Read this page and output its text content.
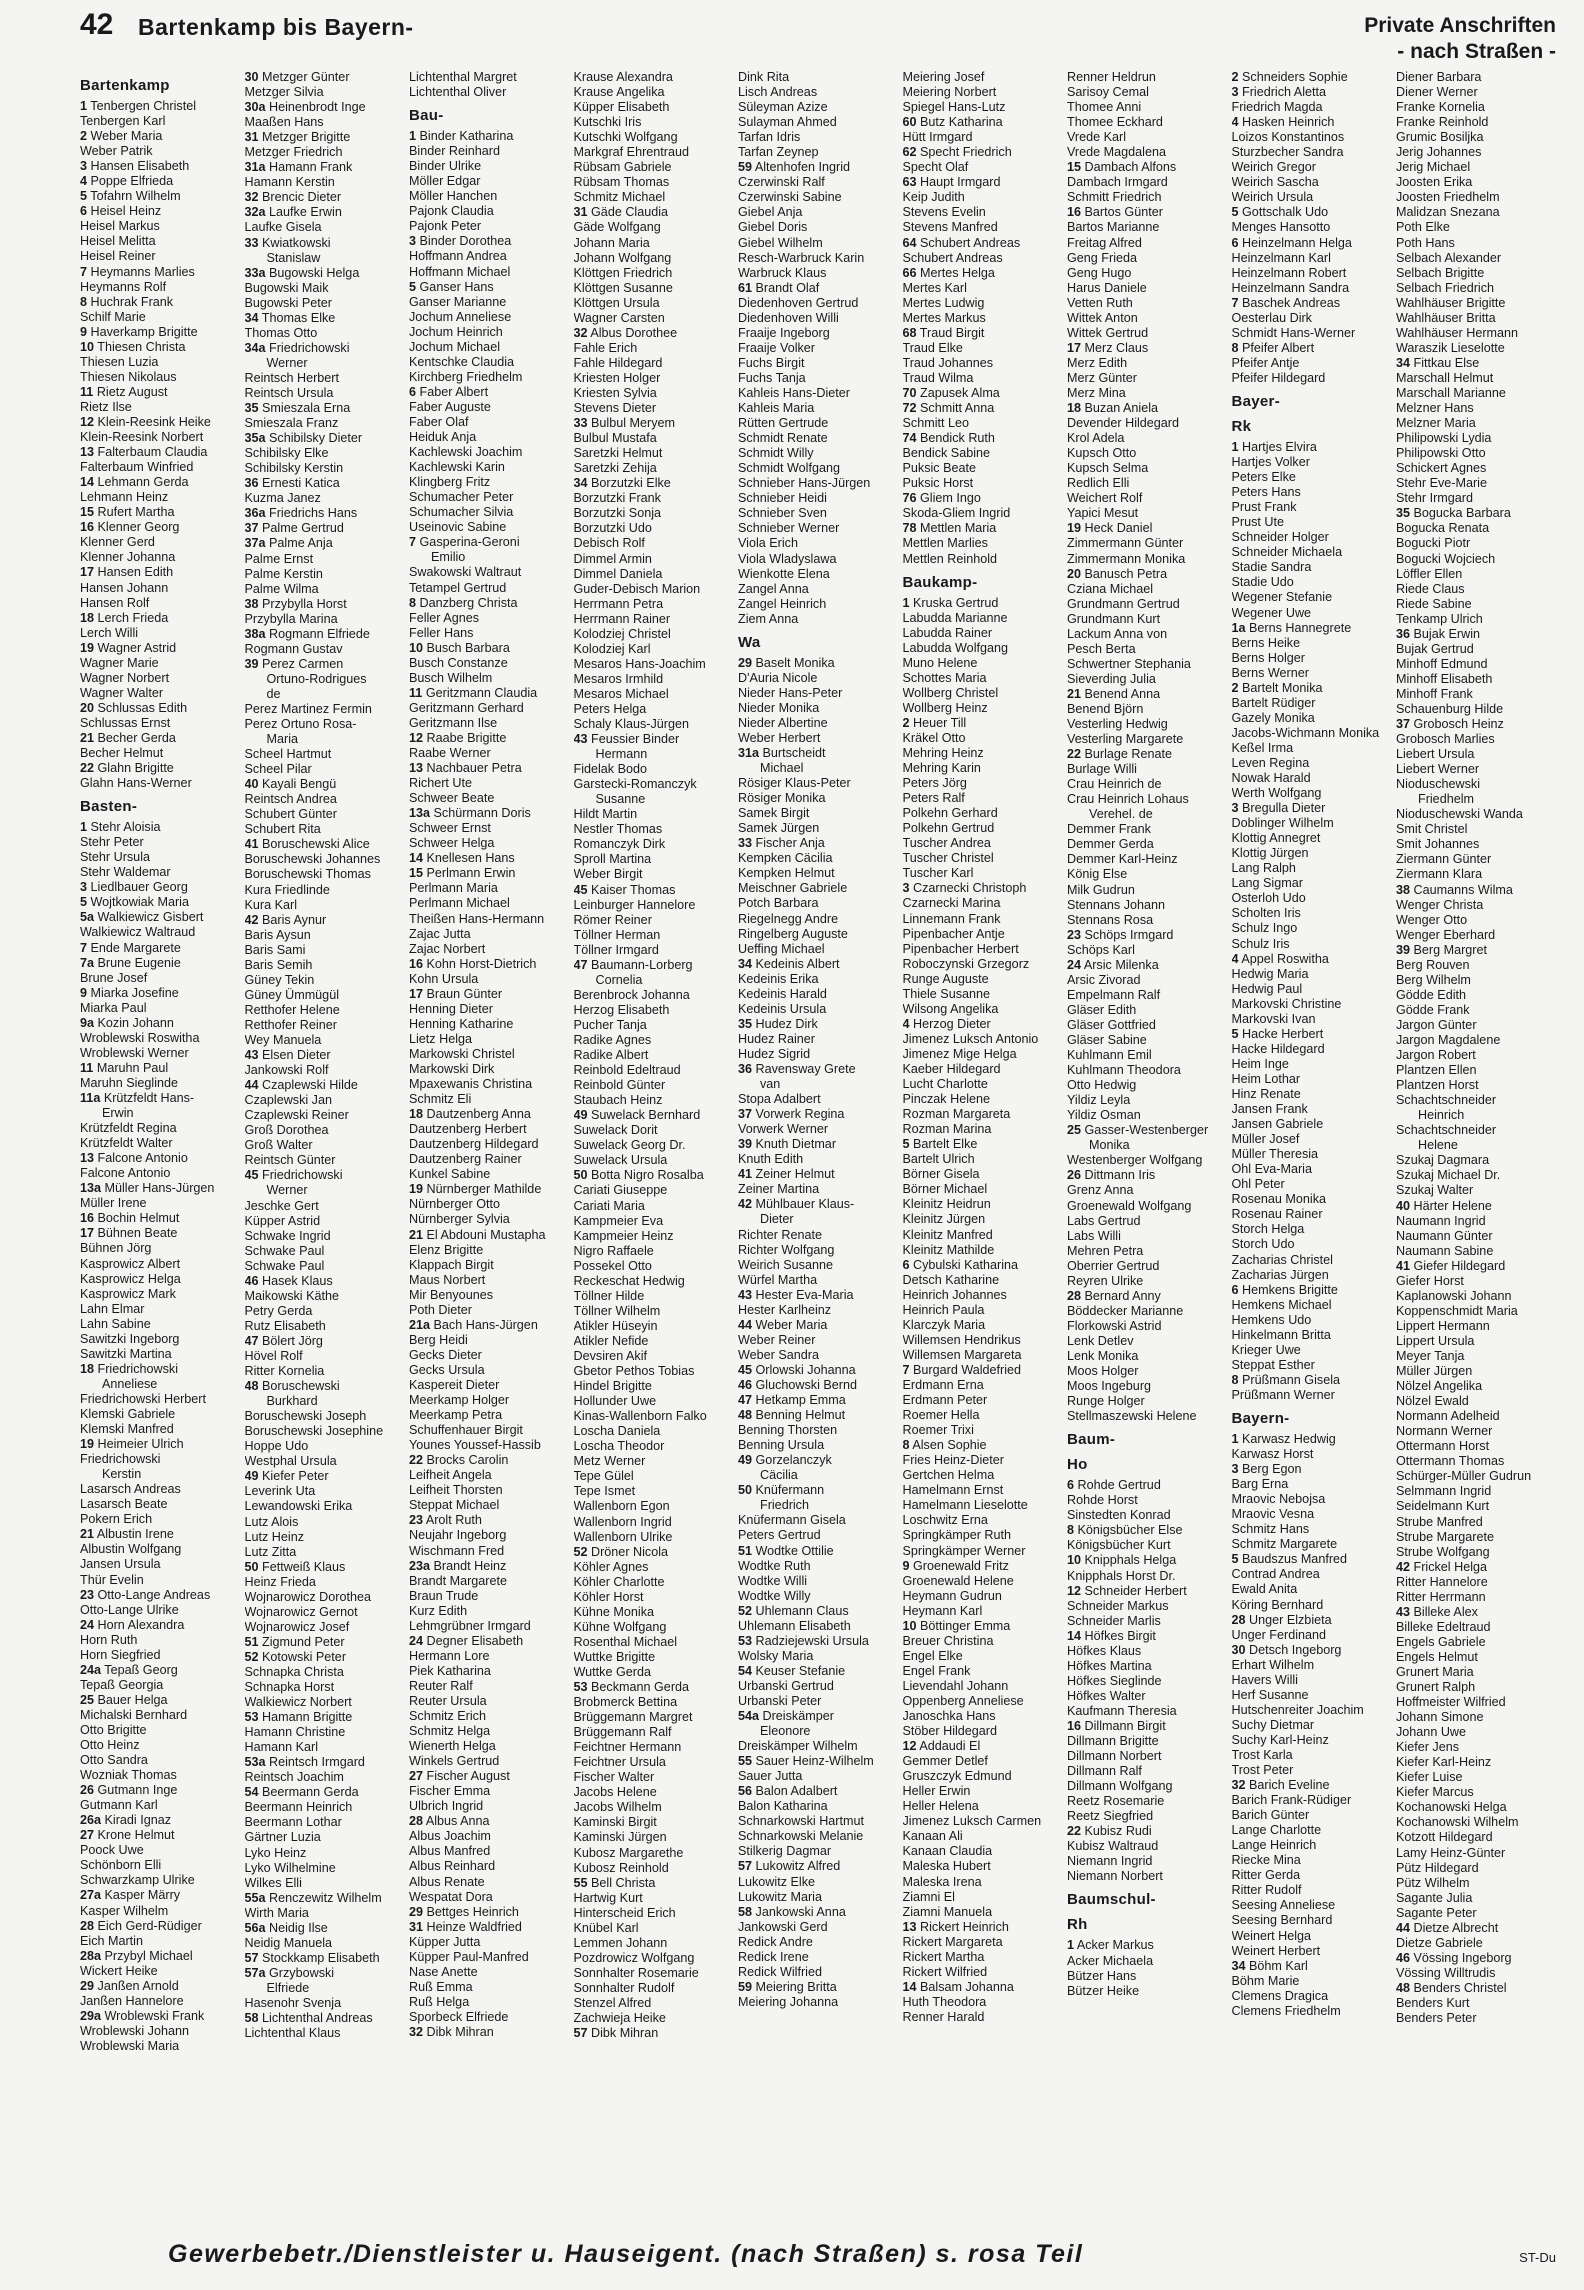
42 Bartenkamp bis Bayern-	Private Anschriften
- nach Straßen -

Bartenkamp
1 Tenbergen Christel
Tenbergen Karl
2 Weber Maria
Weber Patrik
3 Hansen Elisabeth
4 Poppe Elfrieda
5 Tofahrn Wilhelm
6 Heisel Heinz
Heisel Markus
Heisel Melitta
Heisel Reiner
7 Heymanns Marlies
Heymanns Rolf
8 Huchrak Frank
Schilf Marie
9 Haverkamp Brigitte
10 Thiesen Christa
Thiesen Luzia
Thiesen Nikolaus
11 Rietz August
Rietz Ilse
12 Klein-Reesink Heike
Klein-Reesink Norbert
13 Falterbaum Claudia
Falterbaum Winfried
14 Lehmann Gerda
Lehmann Heinz
15 Rufert Martha
16 Klenner Georg
Klenner Gerd
Klenner Johanna
17 Hansen Edith
Hansen Johann
Hansen Rolf
18 Lerch Frieda
Lerch Willi
19 Wagner Astrid
Wagner Marie
Wagner Norbert
Wagner Walter
20 Schlussas Edith
Schlussas Ernst
21 Becher Gerda
Becher Helmut
22 Glahn Brigitte
Glahn Hans-Werner
Basten-
1 Stehr Aloisia
Stehr Peter
Stehr Ursula
Stehr Waldemar
3 Liedlbauer Georg
5 Wojtkowiak Maria
5a Walkiewicz Gisbert
Walkiewicz Waltraud
7 Ende Margarete
7a Brune Eugenie
Brune Josef
9 Miarka Josefine
Miarka Paul
9a Kozin Johann
Wroblewski Roswitha
Wroblewski Werner
11 Maruhn Paul
Maruhn Sieglinde
11a Krützfeldt Hans-
Erwin
Krützfeldt Regina
Krützfeldt Walter
13 Falcone Antonio
Falcone Antonio
13a Müller Hans-Jürgen
Müller Irene
16 Bochin Helmut
17 Bühnen Beate
Bühnen Jörg
Kasprowicz Albert
Kasprowicz Helga
Kasprowicz Mark
Lahn Elmar
Lahn Sabine
Sawitzki Ingeborg
Sawitzki Martina
18 Friedrichowski
Anneliese
Friedrichowski Herbert
Klemski Gabriele
Klemski Manfred
19 Heimeier Ulrich
Friedrichowski
Kerstin
Lasarsch Andreas
Lasarsch Beate
Pokern Erich
21 Albustin Irene
Albustin Wolfgang
Jansen Ursula
Thür Evelin
23 Otto-Lange Andreas
Otto-Lange Ulrike
24 Horn Alexandra
Horn Ruth
Horn Siegfried
24a Tepaß Georg
Tepaß Georgia
25 Bauer Helga
Michalski Bernhard
Otto Brigitte
Otto Heinz
Otto Sandra
Wozniak Thomas
26 Gutmann Inge
Gutmann Karl
26a Kiradi Ignaz
27 Krone Helmut
Poock Uwe
Schönborn Elli
Schwarzkamp Ulrike
27a Kasper Märry
Kasper Wilhelm
28 Eich Gerd-Rüdiger
Eich Martin
28a Przybyl Michael
Wickert Heike
29 Janßen Arnold
Janßen Hannelore
29a Wroblewski Frank
Wroblewski Johann
Wroblewski Maria
30 Metzger Günter
Metzger Silvia
30a Heinenbrodt Inge
Maaßen Hans
31 Metzger Brigitte
Metzger Friedrich
31a Hamann Frank
Hamann Kerstin
32 Brencic Dieter
32a Laufke Erwin
Laufke Gisela
33 Kwiatkowski
Stanislaw
33a Bugowski Helga
Bugowski Maik
Bugowski Peter
34 Thomas Elke
Thomas Otto
34a Friedrichowski
Werner
Reintsch Herbert
Reintsch Ursula
35 Smieszala Erna
Smieszala Franz
35a Schibilsky Dieter
Schibilsky Elke
Schibilsky Kerstin
36 Ernesti Katica
Kuzma Janez
36a Friedrichs Hans
37 Palme Gertrud
37a Palme Anja
Palme Ernst
Palme Kerstin
Palme Wilma
38 Przybylla Horst
Przybylla Marina
38a Rogmann Elfriede
Rogmann Gustav
39 Perez Carmen
Ortuno-Rodrigues
de
Perez Martinez Fermin
Perez Ortuno Rosa-
Maria
Scheel Hartmut
Scheel Pilar
40 Kayali Bengü
Reintsch Andrea
Schubert Günter
Schubert Rita
41 Boruschewski Alice
Boruschewski Johannes
Boruschewski Thomas
Kura Friedlinde
Kura Karl
42 Baris Aynur
Baris Aysun
Baris Sami
Baris Semih
Güney Tekin
Güney Ümmügül
Retthofer Helene
Retthofer Reiner
Wey Manuela
43 Elsen Dieter
Jankowski Rolf
44 Czaplewski Hilde
Czaplewski Jan
Czaplewski Reiner
Groß Dorothea
Groß Walter
Reintsch Günter
45 Friedrichowski
Werner
Jeschke Gert
Küpper Astrid
Schwake Ingrid
Schwake Paul
Schwake Paul
46 Hasek Klaus
Maikowski Käthe
Petry Gerda
Rutz Elisabeth
47 Bölert Jörg
Hövel Rolf
Ritter Kornelia
48 Boruschewski
Burkhard
Boruschewski Joseph
Boruschewski Josephine
Hoppe Udo
Westphal Ursula
49 Kiefer Peter
Leverink Uta
Lewandowski Erika
Lutz Alois
Lutz Heinz
Lutz Zitta
50 Fettweiß Klaus
Heinz Frieda
Wojnarowicz Dorothea
Wojnarowicz Gernot
Wojnarowicz Josef
51 Zigmund Peter
52 Kotowski Peter
Schnapka Christa
Schnapka Horst
Walkiewicz Norbert
53 Hamann Brigitte
Hamann Christine
Hamann Karl
53a Reintsch Irmgard
Reintsch Joachim
54 Beermann Gerda
Beermann Heinrich
Beermann Lothar
Gärtner Luzia
Lyko Heinz
Lyko Wilhelmine
Wilkes Elli
55a Renczewitz Wilhelm
Wirth Maria
56a Neidig Ilse
Neidig Manuela
57 Stockkamp Elisabeth
57a Grzybowski
Elfriede
Hasenohr Svenja
58 Lichtenthal Andreas
Lichtenthal Klaus
Lichtenthal Margret
Lichtenthal Oliver
Bau-
1 Binder Katharina
Binder Reinhard
Binder Ulrike
Möller Edgar
Möller Hanchen
Pajonk Claudia
Pajonk Peter
3 Binder Dorothea
Hoffmann Andrea
Hoffmann Michael
5 Ganser Hans
Ganser Marianne
Jochum Anneliese
Jochum Heinrich
Jochum Michael
Kentschke Claudia
Kirchberg Friedhelm
6 Faber Albert
Faber Auguste
Faber Olaf
Heiduk Anja
Kachlewski Joachim
Kachlewski Karin
Klingberg Fritz
Schumacher Peter
Schumacher Silvia
Useinovic Sabine
7 Gasperina-Geroni
Emilio
Swakowski Waltraut
Tetampel Gertrud
8 Danzberg Christa
Feller Agnes
Feller Hans
10 Busch Barbara
Busch Constanze
Busch Wilhelm
11 Geritzmann Claudia
Geritzmann Gerhard
Geritzmann Ilse
12 Raabe Brigitte
Raabe Werner
13 Nachbauer Petra
Richert Ute
Schweer Beate
13a Schürmann Doris
Schweer Ernst
Schweer Helga
14 Knellesen Hans
15 Perlmann Erwin
Perlmann Maria
Perlmann Michael
Theißen Hans-Hermann
Zajac Jutta
Zajac Norbert
16 Kohn Horst-Dietrich
Kohn Ursula
17 Braun Günter
Henning Dieter
Henning Katharine
Lietz Helga
Markowski Christel
Markowski Dirk
Mpaxewanis Christina
Schmitz Eli
18 Dautzenberg Anna
Dautzenberg Herbert
Dautzenberg Hildegard
Dautzenberg Rainer
Kunkel Sabine
19 Nürnberger Mathilde
Nürnberger Otto
Nürnberger Sylvia
21 El Abdouni Mustapha
Elenz Brigitte
Klappach Birgit
Maus Norbert
Mir Benyounes
Poth Dieter
21a Bach Hans-Jürgen
Berg Heidi
Gecks Dieter
Gecks Ursula
Kaspereit Dieter
Meerkamp Holger
Meerkamp Petra
Schuffenhauer Birgit
Younes Youssef-Hassib
22 Brocks Carolin
Leifheit Angela
Leifheit Thorsten
Steppat Michael
23 Arolt Ruth
Neujahr Ingeborg
Wischmann Fred
23a Brandt Heinz
Brandt Margarete
Braun Trude
Kurz Edith
Lehmgrübner Irmgard
24 Degner Elisabeth
Hermann Lore
Piek Katharina
Reuter Ralf
Reuter Ursula
Schmitz Erich
Schmitz Helga
Wienerth Helga
Winkels Gertrud
27 Fischer August
Fischer Emma
Ulbrich Ingrid
28 Albus Anna
Albus Joachim
Albus Manfred
Albus Reinhard
Albus Renate
Wespatat Dora
29 Bettges Heinrich
31 Heinze Waldfried
Küpper Jutta
Küpper Paul-Manfred
Nase Anette
Ruß Emma
Ruß Helga
Sporbeck Elfriede
32 Dibk Mihran
Krause Alexandra
Krause Angelika
Küpper Elisabeth
Kutschki Iris
Kutschki Wolfgang
Markgraf Ehrentraud
Rübsam Gabriele
Rübsam Thomas
Schmitz Michael
31 Gäde Claudia
Gäde Wolfgang
Johann Maria
Johann Wolfgang
Klöttgen Friedrich
Klöttgen Susanne
Klöttgen Ursula
Wagner Carsten
32 Albus Dorothee
Fahle Erich
Fahle Hildegard
Kriesten Holger
Kriesten Sylvia
Stevens Dieter
33 Bulbul Meryem
Bulbul Mustafa
Saretzki Helmut
Saretzki Zehija
34 Borzutzki Elke
Borzutzki Frank
Borzutzki Sonja
Borzutzki Udo
Debisch Rolf
Dimmel Armin
Dimmel Daniela
Guder-Debisch Marion
Herrmann Petra
Herrmann Rainer
Kolodziej Christel
Kolodziej Karl
Mesaros Hans-Joachim
Mesaros Irmhild
Mesaros Michael
Peters Helga
Schaly Klaus-Jürgen
43 Feussier Binder
Hermann
Fidelak Bodo
Garstecki-Romanczyk
Susanne
Hildt Martin
Nestler Thomas
Romanczyk Dirk
Sproll Martina
Weber Birgit
45 Kaiser Thomas
Leinburger Hannelore
Römer Reiner
Töllner Herman
Töllner Irmgard
47 Baumann-Lorberg
Cornelia
Berenbrock Johanna
Herzog Elisabeth
Pucher Tanja
Radike Agnes
Radike Albert
Reinbold Edeltraud
Reinbold Günter
Staubach Heinz
49 Suwelack Bernhard
Suwelack Dorit
Suwelack Georg Dr.
Suwelack Ursula
50 Botta Nigro Rosalba
Cariati Giuseppe
Cariati Maria
Kampmeier Eva
Kampmeier Heinz
Nigro Raffaele
Possekel Otto
Reckeschat Hedwig
Töllner Hilde
Töllner Wilhelm
Atikler Hüseyin
Atikler Nefide
Devsiren Akif
Gbetor Pethos Tobias
Hindel Brigitte
Hollunder Uwe
Kinas-Wallenborn Falko
Loscha Daniela
Loscha Theodor
Metz Werner
Tepe Gülel
Tepe Ismet
Wallenborn Egon
Wallenborn Ingrid
Wallenborn Ulrike
52 Dröner Nicola
Köhler Agnes
Köhler Charlotte
Köhler Horst
Kühne Monika
Kühne Wolfgang
Rosenthal Michael
Wuttke Brigitte
Wuttke Gerda
53 Beckmann Gerda
Brobmerck Bettina
Brüggemann Margret
Brüggemann Ralf
Feichtner Hermann
Feichtner Ursula
Fischer Walter
Jacobs Helene
Jacobs Wilhelm
Kaminski Birgit
Kaminski Jürgen
Kubosz Margarethe
Kubosz Reinhold
55 Bell Christa
Hartwig Kurt
Hinterscheid Erich
Knübel Karl
Lemmen Johann
Pozdrowicz Wolfgang
Sonnhalter Rosemarie
Sonnhalter Rudolf
Stenzel Alfred
Zachwieja Heike
57 Dibk Mihran
Dink Rita
Lisch Andreas
Süleyman Azize
Sulayman Ahmed
Tarfan Idris
Tarfan Zeynep
59 Altenhofen Ingrid
Czerwinski Ralf
Czerwinski Sabine
Giebel Anja
Giebel Doris
Giebel Wilhelm
Resch-Warbruck Karin
Warbruck Klaus
61 Brandt Olaf
Diedenhoven Gertrud
Diedenhoven Willi
Fraaije Ingeborg
Fraaije Volker
Fuchs Birgit
Fuchs Tanja
Kahleis Hans-Dieter
Kahleis Maria
Rütten Gertrude
Schmidt Renate
Schmidt Willy
Schmidt Wolfgang
Schnieber Hans-Jürgen
Schnieber Heidi
Schnieber Sven
Schnieber Werner
Viola Erich
Viola Wladyslawa
Wienkotte Elena
Zangel Anna
Zangel Heinrich
Ziem Anna
Wa
29 Baselt Monika
D'Auria Nicole
Nieder Hans-Peter
Nieder Monika
Nieder Albertine
Weber Herbert
31a Burtscheidt
Michael
Rösiger Klaus-Peter
Rösiger Monika
Samek Birgit
Samek Jürgen
33 Fischer Anja
Kempken Cäcilia
Kempken Helmut
Meischner Gabriele
Potch Barbara
Riegelnegg Andre
Ringelberg Auguste
Ueffing Michael
34 Kedeinis Albert
Kedeinis Erika
Kedeinis Harald
Kedeinis Ursula
35 Hudez Dirk
Hudez Rainer
Hudez Sigrid
36 Ravensway Grete
van
Stopa Adalbert
37 Vorwerk Regina
Vorwerk Werner
39 Knuth Dietmar
Knuth Edith
41 Zeiner Helmut
Zeiner Martina
42 Mühlbauer Klaus-
Dieter
Richter Renate
Richter Wolfgang
Weirich Susanne
Würfel Martha
43 Hester Eva-Maria
Hester Karlheinz
44 Weber Maria
Weber Reiner
Weber Sandra
45 Orlowski Johanna
46 Gluchowski Bernd
47 Hetkamp Emma
48 Benning Helmut
Benning Thorsten
Benning Ursula
49 Gorzelanczyk
Cäcilia
50 Knüfermann
Friedrich
Knüfermann Gisela
Peters Gertrud
51 Wodtke Ottilie
Wodtke Ruth
Wodtke Willi
Wodtke Willy
52 Uhlemann Claus
Uhlemann Elisabeth
53 Radziejewski Ursula
Wolsky Maria
54 Keuser Stefanie
Urbanski Gertrud
Urbanski Peter
54a Dreiskämper
Eleonore
Dreiskämper Wilhelm
55 Sauer Heinz-Wilhelm
Sauer Jutta
56 Balon Adalbert
Balon Katharina
Schnarkowski Hartmut
Schnarkowski Melanie
Stilkerig Dagmar
57 Lukowitz Alfred
Lukowitz Elke
Lukowitz Maria
58 Jankowski Anna
Jankowski Gerd
Redick Andre
Redick Irene
Redick Wilfried
59 Meiering Britta
Meiering Johanna
Meiering Josef
Meiering Norbert
Spiegel Hans-Lutz
60 Butz Katharina
Hütt Irmgard
62 Specht Friedrich
Specht Olaf
63 Haupt Irmgard
Keip Judith
Stevens Evelin
Stevens Manfred
64 Schubert Andreas
Schubert Andreas
66 Mertes Helga
Mertes Karl
Mertes Ludwig
Mertes Markus
68 Traud Birgit
Traud Elke
Traud Johannes
Traud Wilma
70 Zapusek Alma
72 Schmitt Anna
Schmitt Leo
74 Bendick Ruth
Bendick Sabine
Puksic Beate
Puksic Horst
76 Gliem Ingo
Skoda-Gliem Ingrid
78 Mettlen Maria
Mettlen Marlies
Mettlen Reinhold
Baukamp-
1 Kruska Gertrud
Labudda Marianne
Labudda Rainer
Labudda Wolfgang
Muno Helene
Schottes Maria
Wollberg Christel
Wollberg Heinz
2 Heuer Till
Kräkel Otto
Mehring Heinz
Mehring Karin
Peters Jörg
Peters Ralf
Polkehn Gerhard
Polkehn Gertrud
Tuscher Andrea
Tuscher Christel
Tuscher Karl
3 Czarnecki Christoph
Czarnecki Marina
Linnemann Frank
Pipenbacher Antje
Pipenbacher Herbert
Roboczynski Grzegorz
Runge Auguste
Thiele Susanne
Wilsong Angelika
4 Herzog Dieter
Jimenez Luksch Antonio
Jimenez Mige Helga
Kaeber Hildegard
Lucht Charlotte
Pinczak Helene
Rozman Margareta
Rozman Marina
5 Bartelt Elke
Bartelt Ulrich
Börner Gisela
Börner Michael
Kleinitz Heidrun
Kleinitz Jürgen
Kleinitz Manfred
Kleinitz Mathilde
6 Cybulski Katharina
Detsch Katharine
Heinrich Johannes
Heinrich Paula
Klarczyk Maria
Willemsen Hendrikus
Willemsen Margareta
7 Burgard Waldefried
Erdmann Erna
Erdmann Peter
Roemer Hella
Roemer Trixi
8 Alsen Sophie
Fries Heinz-Dieter
Gertchen Helma
Hamelmann Ernst
Hamelmann Lieselotte
Loschwitz Erna
Springkämper Ruth
Springkämper Werner
9 Groenewald Fritz
Groenewald Helene
Heymann Gudrun
Heymann Karl
10 Böttinger Emma
Breuer Christina
Engel Elke
Engel Frank
Lievendahl Johann
Oppenberg Anneliese
Janoschka Hans
Stöber Hildegard
12 Addaudi El
Gemmer Detlef
Gruszczyk Edmund
Heller Erwin
Heller Helena
Jimenez Luksch Carmen
Kanaan Ali
Kanaan Claudia
Maleska Hubert
Maleska Irena
Ziamni El
Ziamni Manuela
13 Rickert Heinrich
Rickert Margareta
Rickert Martha
Rickert Wilfried
14 Balsam Johanna
Huth Theodora
Renner Harald
Renner Heldrun
Sarisoy Cemal
Thomee Anni
Thomee Eckhard
Vrede Karl
Vrede Magdalena
15 Dambach Alfons
Dambach Irmgard
Schmitt Friedrich
16 Bartos Günter
Bartos Marianne
Freitag Alfred
Geng Frieda
Geng Hugo
Harus Daniele
Vetten Ruth
Wittek Anton
Wittek Gertrud
17 Merz Claus
Merz Edith
Merz Günter
Merz Mina
18 Buzan Aniela
Devender Hildegard
Krol Adela
Kupsch Otto
Kupsch Selma
Redlich Elli
Weichert Rolf
Yapici Mesut
19 Heck Daniel
Zimmermann Günter
Zimmermann Monika
20 Banusch Petra
Cziana Michael
Grundmann Gertrud
Grundmann Kurt
Lackum Anna von
Pesch Berta
Schwertner Stephania
Sieverding Julia
21 Benend Anna
Benend Björn
Vesterling Hedwig
Vesterling Margarete
22 Burlage Renate
Burlage Willi
Crau Heinrich de
Crau Heinrich Lohaus
Verehel. de
Demmer Frank
Demmer Gerda
Demmer Karl-Heinz
König Else
Milk Gudrun
Stennans Johann
Stennans Rosa
23 Schöps Irmgard
Schöps Karl
24 Arsic Milenka
Arsic Zivorad
Empelmann Ralf
Gläser Edith
Gläser Gottfried
Gläser Sabine
Kuhlmann Emil
Kuhlmann Theodora
Otto Hedwig
Yildiz Leyla
Yildiz Osman
25 Gasser-Westenberger
Monika
Westenberger Wolfgang
26 Dittmann Iris
Grenz Anna
Groenewald Wolfgang
Labs Gertrud
Labs Willi
Mehren Petra
Oberrier Gertrud
Reyren Ulrike
28 Bernard Anny
Böddecker Marianne
Florkowski Astrid
Lenk Detlev
Lenk Monika
Moos Holger
Moos Ingeburg
Runge Holger
Stellmaszewski Helene
Baum-
Ho
6 Rohde Gertrud
Rohde Horst
Sinstedten Konrad
8 Königsbücher Else
Königsbücher Kurt
10 Knipphals Helga
Knipphals Horst Dr.
12 Schneider Herbert
Schneider Markus
Schneider Marlis
14 Höfkes Birgit
Höfkes Klaus
Höfkes Martina
Höfkes Sieglinde
Höfkes Walter
Kaufmann Theresia
16 Dillmann Birgit
Dillmann Brigitte
Dillmann Norbert
Dillmann Ralf
Dillmann Wolfgang
Reetz Rosemarie
Reetz Siegfried
22 Kubisz Rudi
Kubisz Waltraud
Niemann Ingrid
Niemann Norbert
Baumschul-
Rh
1 Acker Markus
Acker Michaela
Bützer Hans
Bützer Heike
2 Schneiders Sophie
3 Friedrich Aletta
Friedrich Magda
4 Hasken Heinrich
Loizos Konstantinos
Sturzbecher Sandra
Weirich Gregor
Weirich Sascha
Weirich Ursula
5 Gottschalk Udo
Menges Hansotto
6 Heinzelmann Helga
Heinzelmann Karl
Heinzelmann Robert
Heinzelmann Sandra
7 Baschek Andreas
Oesterlau Dirk
Schmidt Hans-Werner
8 Pfeifer Albert
Pfeifer Antje
Pfeifer Hildegard
Bayer-
Rk
1 Hartjes Elvira
Hartjes Volker
Peters Elke
Peters Hans
Prust Frank
Prust Ute
Schneider Holger
Schneider Michaela
Stadie Sandra
Stadie Udo
Wegener Stefanie
Wegener Uwe
1a Berns Hannegrete
Berns Heike
Berns Holger
Berns Werner
2 Bartelt Monika
Bartelt Rüdiger
Gazely Monika
Jacobs-Wichmann Monika
Keßel Irma
Leven Regina
Nowak Harald
Werth Wolfgang
3 Bregulla Dieter
Doblinger Wilhelm
Klottig Annegret
Klottig Jürgen
Lang Ralph
Lang Sigmar
Osterloh Udo
Scholten Iris
Schulz Ingo
Schulz Iris
4 Appel Roswitha
Hedwig Maria
Hedwig Paul
Markovski Christine
Markovski Ivan
5 Hacke Herbert
Hacke Hildegard
Heim Inge
Heim Lothar
Hinz Renate
Jansen Frank
Jansen Gabriele
Müller Josef
Müller Theresia
Ohl Eva-Maria
Ohl Peter
Rosenau Monika
Rosenau Rainer
Storch Helga
Storch Udo
Zacharias Christel
Zacharias Jürgen
6 Hemkens Brigitte
Hemkens Michael
Hemkens Udo
Hinkelmann Britta
Krieger Uwe
Steppat Esther
8 Prüßmann Gisela
Prüßmann Werner
Bayern-
1 Karwasz Hedwig
Karwasz Horst
3 Berg Egon
Barg Erna
Mraovic Nebojsa
Mraovic Vesna
Schmitz Hans
Schmitz Margarete
5 Baudszus Manfred
Contrad Andrea
Ewald Anita
Köring Bernhard
28 Unger Elzbieta
Unger Ferdinand
30 Detsch Ingeborg
Erhart Wilhelm
Havers Willi
Herf Susanne
Hutschenreiter Joachim
Suchy Dietmar
Suchy Karl-Heinz
Trost Karla
Trost Peter
32 Barich Eveline
Barich Frank-Rüdiger
Barich Günter
Lange Charlotte
Lange Heinrich
Riecke Mina
Ritter Gerda
Ritter Rudolf
Seesing Anneliese
Seesing Bernhard
Weinert Helga
Weinert Herbert
34 Böhm Karl
Böhm Marie
Clemens Dragica
Clemens Friedhelm
Diener Barbara
Diener Werner
Franke Kornelia
Franke Reinhold
Grumic Bosiljka
Jerig Johannes
Jerig Michael
Joosten Erika
Joosten Friedhelm
Malidzan Snezana
Poth Elke
Poth Hans
Selbach Alexander
Selbach Brigitte
Selbach Friedrich
Wahlhäuser Brigitte
Wahlhäuser Britta
Wahlhäuser Hermann
Waraszik Lieselotte
34 Fittkau Else
Marschall Helmut
Marschall Marianne
Melzner Hans
Melzner Maria
Philipowski Lydia
Philipowski Otto
Schickert Agnes
Stehr Eve-Marie
Stehr Irmgard
35 Bogucka Barbara
Bogucka Renata
Bogucki Piotr
Bogucki Wojciech
Löffler Ellen
Riede Claus
Riede Sabine
Tenkamp Ulrich
36 Bujak Erwin
Bujak Gertrud
Minhoff Edmund
Minhoff Elisabeth
Minhoff Frank
Schauenburg Hilde
37 Grobosch Heinz
Grobosch Marlies
Liebert Ursula
Liebert Werner
Nioduschewski
Friedhelm
Nioduschewski Wanda
Smit Christel
Smit Johannes
Ziermann Günter
Ziermann Klara
38 Caumanns Wilma
Wenger Christa
Wenger Otto
Wenger Eberhard
39 Berg Margret
Berg Rouven
Berg Wilhelm
Gödde Edith
Gödde Frank
Jargon Günter
Jargon Magdalene
Jargon Robert
Plantzen Ellen
Plantzen Horst
Schachtschneider
Heinrich
Schachtschneider
Helene
Szukaj Dagmara
Szukaj Michael Dr.
Szukaj Walter
40 Härter Helene
Naumann Ingrid
Naumann Günter
Naumann Sabine
41 Giefer Hildegard
Giefer Horst
Kaplanowski Johann
Koppenschmidt Maria
Lippert Hermann
Lippert Ursula
Meyer Tanja
Müller Jürgen
Nölzel Angelika
Nölzel Ewald
Normann Adelheid
Normann Werner
Ottermann Horst
Ottermann Thomas
Schürger-Müller Gudrun
Selmmann Ingrid
Seidelmann Kurt
Strube Manfred
Strube Margarete
Strube Wolfgang
42 Frickel Helga
Ritter Hannelore
Ritter Herrmann
43 Billeke Alex
Billeke Edeltraud
Engels Gabriele
Engels Helmut
Grunert Maria
Grunert Ralph
Hoffmeister Wilfried
Johann Simone
Johann Uwe
Kiefer Jens
Kiefer Karl-Heinz
Kiefer Luise
Kiefer Marcus
Kochanowski Helga
Kochanowski Wilhelm
Kotzott Hildegard
Lamy Heinz-Günter
Pütz Hildegard
Pütz Wilhelm
Sagante Julia
Sagante Peter
44 Dietze Albrecht
Dietze Gabriele
46 Vössing Ingeborg
Vössing Willtrudis
48 Benders Christel
Benders Kurt
Benders Peter
Gewerbebetr./Dienstleister u. Hauseigent. (nach Straßen) s. rosa Teil	ST-Du
